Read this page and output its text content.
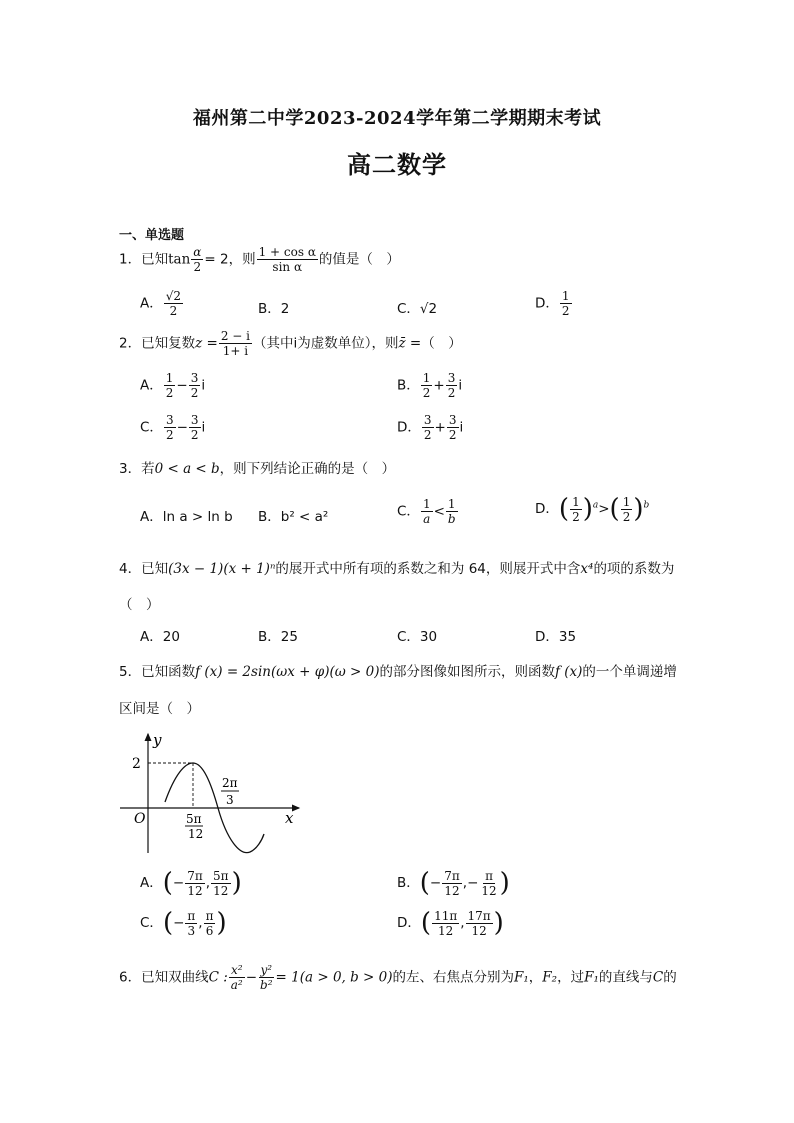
福州第二中学2023-2024学年第二学期期末考试
高二数学
一、单选题
1．已知$\tan \frac{\alpha}{2} = 2$，则 $\frac{\text{1 + cos α}}{\text{sin α}}$ 的值是（　）
A． $\frac{√2}{2}$	B．2	C．√2	D． $\frac{1}{2}$
2．已知复数$z = \frac{2 - i}{1+ i}$ （其中i为虚数单位），则z̄ =（　）
A． $\frac{1}{2} - \frac{3}{2}$ i	B． $\frac{1}{2} + \frac{3}{2}$ i
C． $\frac{3}{2} - \frac{3}{2}$ i	D． $\frac{3}{2} + \frac{3}{2}$ i
3．若0 < a < b，则下列结论正确的是（　）
A．ln a > ln b B．b² < a²	C． $\frac{1}{a} < \frac{1}{b}$	D．( $\frac{1}{2} )^a>( \frac{1}{2} )^b$
4．已知(3x − 1)(x + 1)ⁿ的展开式中所有项的系数之和为 64，则展开式中含x⁴的项的系数为
（　）
A．20	B．25	C．30	D．35
5．已知函数f (x) = 2sin(ωx + φ)(ω > 0)的部分图像如图所示，则函数f (x)的一个单调递增
区间是（　）
y
x
O
2
5π
12
2π
3
A．(− $\frac{7\pi}{12}$ , $\frac{5\pi}{12}$ )	B．(− $\frac{7\pi}{12}$ ,− $\frac{\pi}{12}$ )
C．(− $\frac{\pi}{3}$ , $\frac{\pi}{6}$ )	D．( $\frac{11\pi}{12}$ , $\frac{17\pi}{12}$ )
6．已知双曲线C : $\frac{\text{x²}}{\text{a²}} - \frac{\text{y²}}{\text{b²}} = 1(a > 0$, b > 0)的左、右焦点分别为F₁，F₂，过F₁的直线与C的
